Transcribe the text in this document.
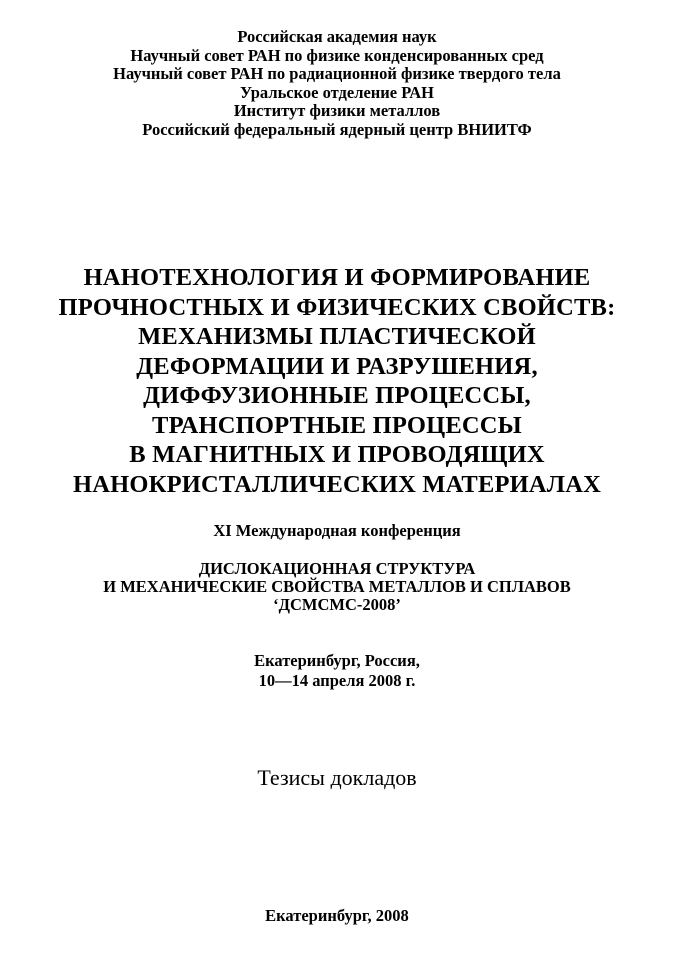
Российская академия наук
Научный совет РАН по физике конденсированных сред
Научный совет РАН по радиационной физике твердого тела
Уральское отделение РАН
Институт физики металлов
Российский федеральный ядерный центр ВНИИТФ
НАНОТЕХНОЛОГИЯ И ФОРМИРОВАНИЕ
ПРОЧНОСТНЫХ И ФИЗИЧЕСКИХ СВОЙСТВ:
МЕХАНИЗМЫ ПЛАСТИЧЕСКОЙ
ДЕФОРМАЦИИ И РАЗРУШЕНИЯ,
ДИФФУЗИОННЫЕ ПРОЦЕССЫ,
ТРАНСПОРТНЫЕ ПРОЦЕССЫ
В МАГНИТНЫХ И ПРОВОДЯЩИХ
НАНОКРИСТАЛЛИЧЕСКИХ МАТЕРИАЛАХ
XI Международная конференция
ДИСЛОКАЦИОННАЯ СТРУКТУРА
И МЕХАНИЧЕСКИЕ СВОЙСТВА МЕТАЛЛОВ И СПЛАВОВ
‘ДСМСМС-2008’
Екатеринбург, Россия,
10—14 апреля 2008 г.
Тезисы докладов
Екатеринбург, 2008
